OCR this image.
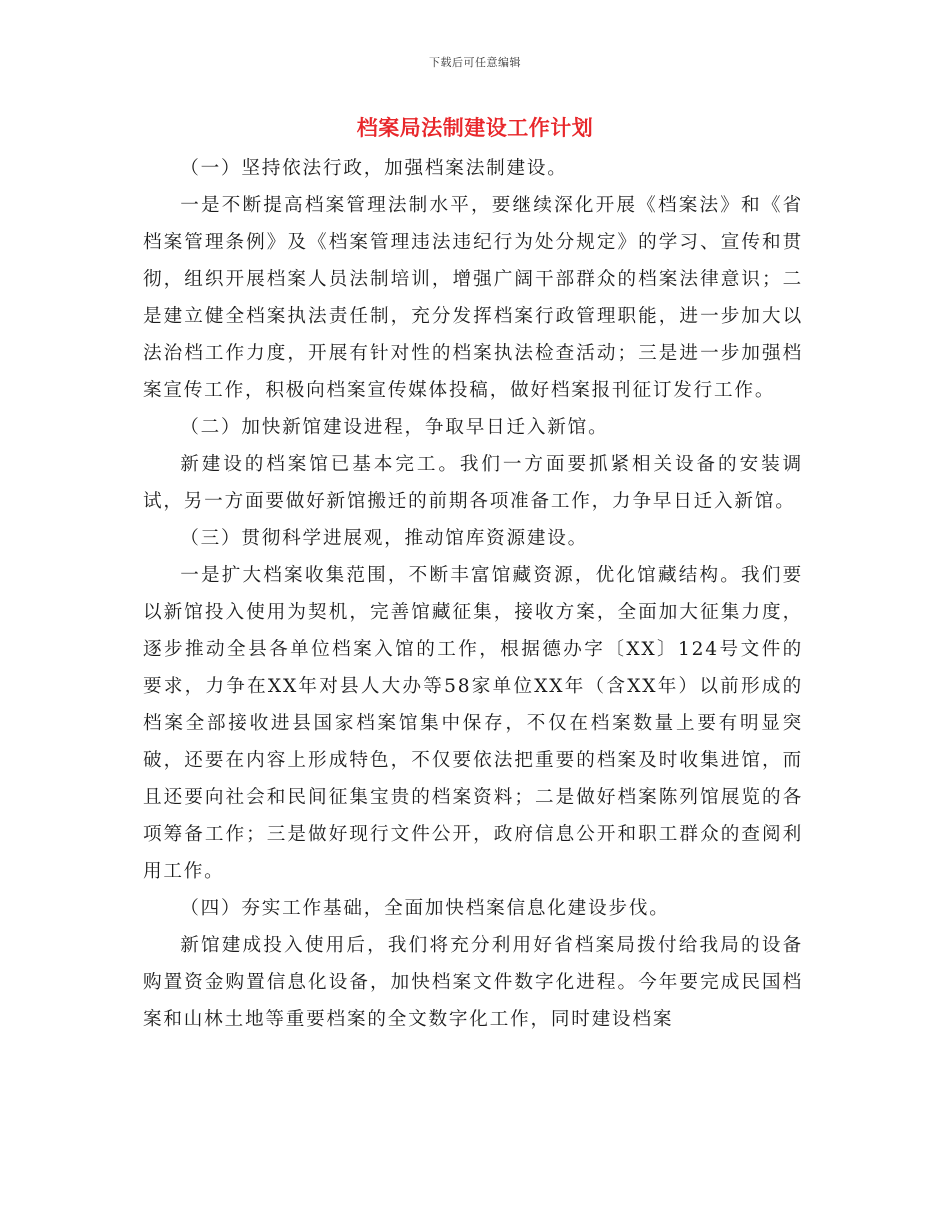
下载后可任意编辑
档案局法制建设工作计划

（一）坚持依法行政，加强档案法制建设。

一是不断提高档案管理法制水平，要继续深化开展《档案法》和《省档案管理条例》及《档案管理违法违纪行为处分规定》的学习、宣传和贯彻，组织开展档案人员法制培训，增强广阔干部群众的档案法律意识；二是建立健全档案执法责任制，充分发挥档案行政管理职能，进一步加大以法治档工作力度，开展有针对性的档案执法检查活动；三是进一步加强档案宣传工作，积极向档案宣传媒体投稿，做好档案报刊征订发行工作。

（二）加快新馆建设进程，争取早日迁入新馆。

新建设的档案馆已基本完工。我们一方面要抓紧相关设备的安装调试，另一方面要做好新馆搬迁的前期各项准备工作，力争早日迁入新馆。

（三）贯彻科学进展观，推动馆库资源建设。

一是扩大档案收集范围，不断丰富馆藏资源，优化馆藏结构。我们要以新馆投入使用为契机，完善馆藏征集，接收方案，全面加大征集力度，逐步推动全县各单位档案入馆的工作，根据德办字〔XX〕124号文件的要求，力争在XX年对县人大办等58家单位XX年（含XX年）以前形成的档案全部接收进县国家档案馆集中保存，不仅在档案数量上要有明显突破，还要在内容上形成特色，不仅要依法把重要的档案及时收集进馆，而且还要向社会和民间征集宝贵的档案资料；二是做好档案陈列馆展览的各项筹备工作；三是做好现行文件公开，政府信息公开和职工群众的查阅利用工作。

（四）夯实工作基础，全面加快档案信息化建设步伐。

新馆建成投入使用后，我们将充分利用好省档案局拨付给我局的设备购置资金购置信息化设备，加快档案文件数字化进程。今年要完成民国档案和山林土地等重要档案的全文数字化工作，同时建设档案
